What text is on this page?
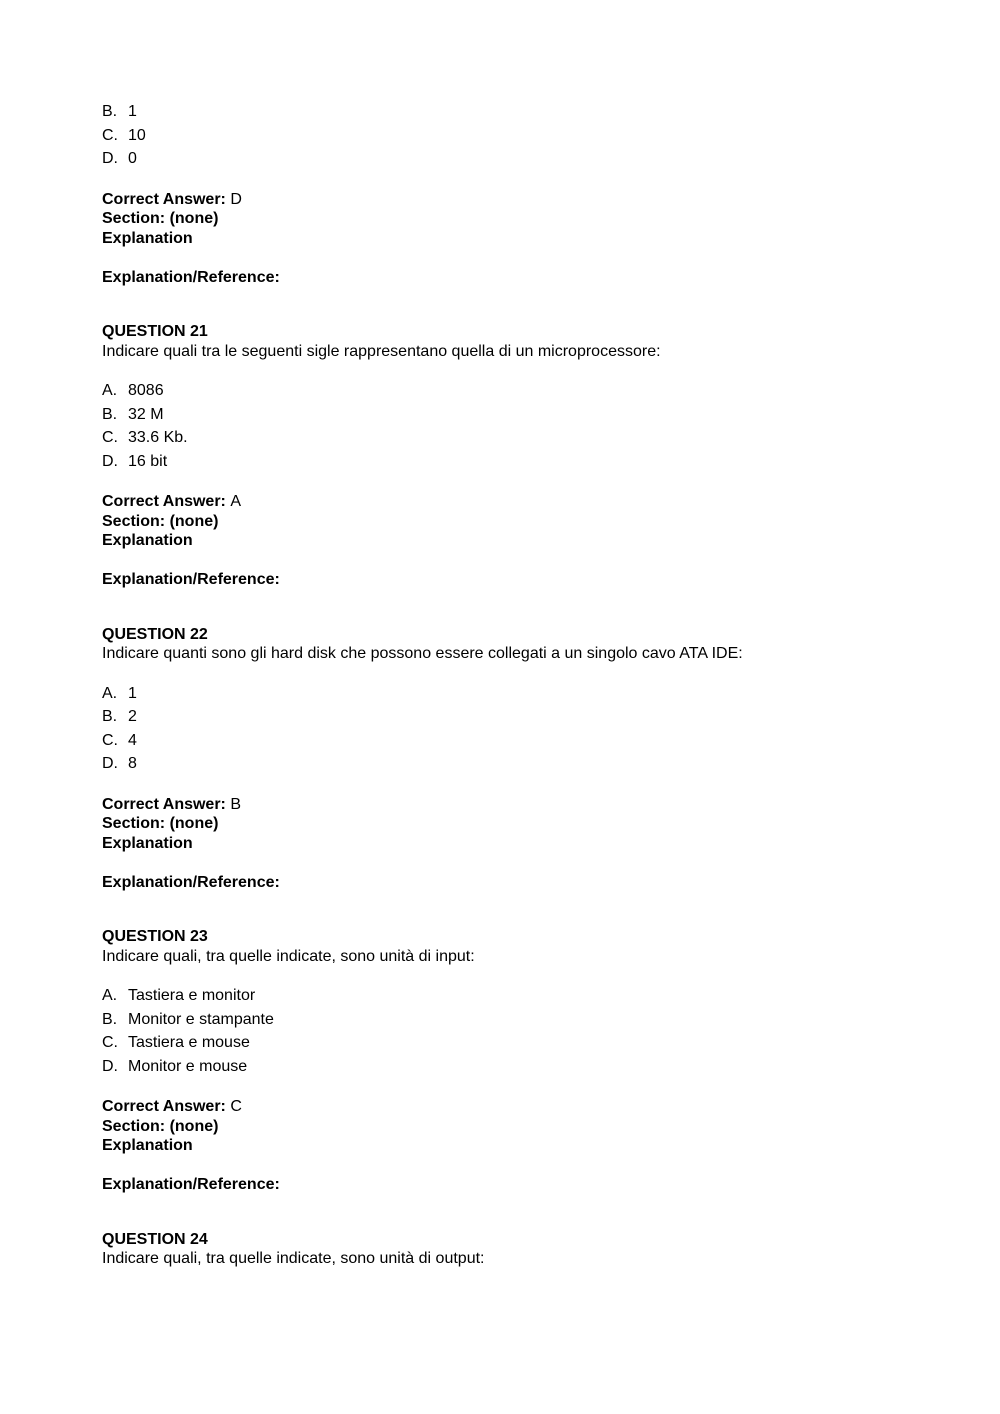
B. 1
C. 10
D. 0
Correct Answer: D
Section: (none)
Explanation
Explanation/Reference:
QUESTION 21
Indicare quali tra le seguenti sigle rappresentano quella di un microprocessore:
A. 8086
B. 32 M
C. 33.6 Kb.
D. 16 bit
Correct Answer: A
Section: (none)
Explanation
Explanation/Reference:
QUESTION 22
Indicare quanti sono gli hard disk che possono essere collegati a un singolo cavo ATA IDE:
A. 1
B. 2
C. 4
D. 8
Correct Answer: B
Section: (none)
Explanation
Explanation/Reference:
QUESTION 23
Indicare quali, tra quelle indicate, sono unità di input:
A. Tastiera e monitor
B. Monitor e stampante
C. Tastiera e mouse
D. Monitor e mouse
Correct Answer: C
Section: (none)
Explanation
Explanation/Reference:
QUESTION 24
Indicare quali, tra quelle indicate, sono unità di output:
